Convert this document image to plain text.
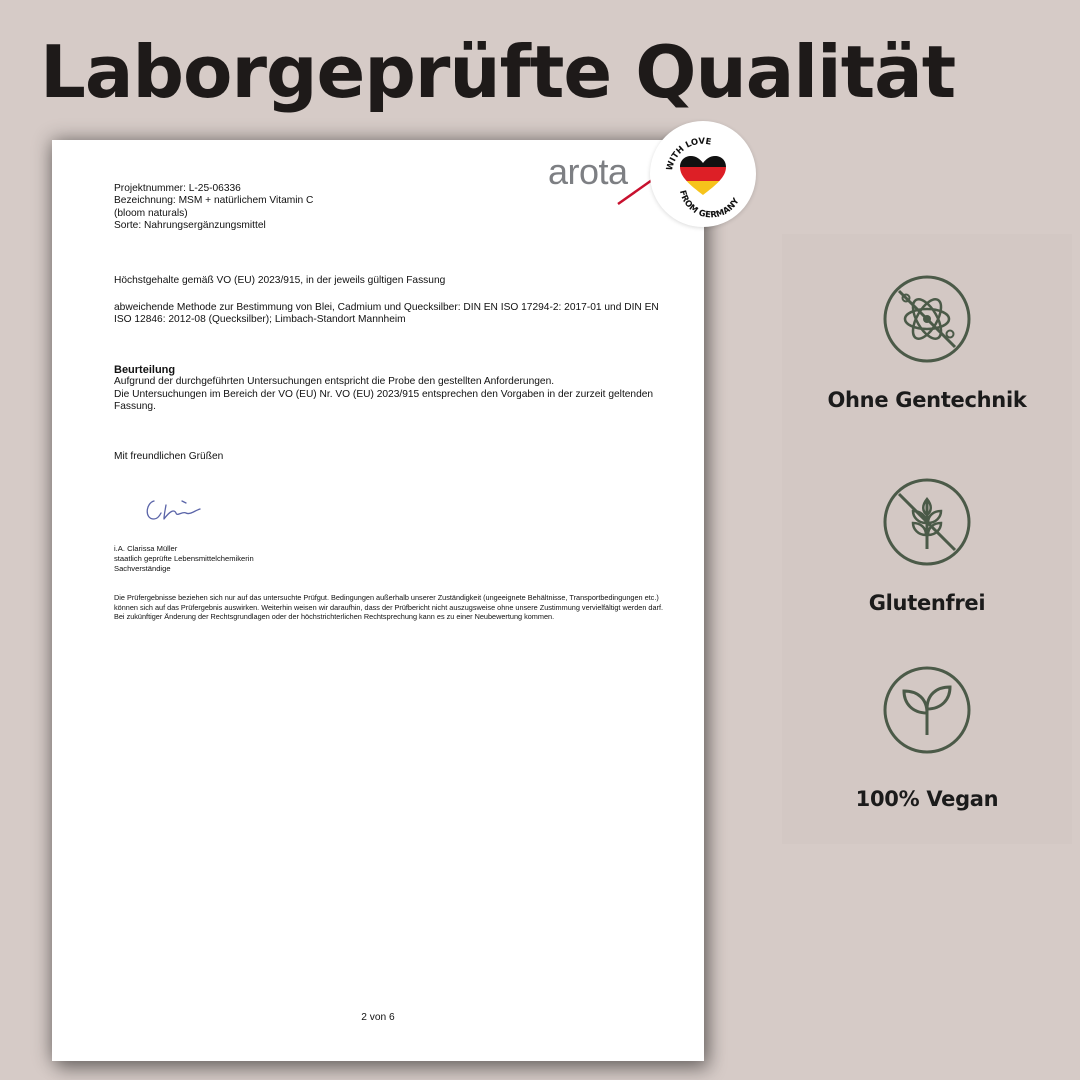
Laborgeprüfte Qualität
arota
Projektnummer: L-25-06336
Bezeichnung: MSM + natürlichem Vitamin C
(bloom naturals)
Sorte: Nahrungsergänzungsmittel
Höchstgehalte gemäß VO (EU) 2023/915, in der jeweils gültigen Fassung
abweichende Methode zur Bestimmung von Blei, Cadmium und Quecksilber: DIN EN ISO 17294-2: 2017-01 und DIN EN ISO 12846: 2012-08 (Quecksilber); Limbach-Standort Mannheim
Beurteilung
Aufgrund der durchgeführten Untersuchungen entspricht die Probe den gestellten Anforderungen.
Die Untersuchungen im Bereich der VO (EU) Nr. VO (EU) 2023/915 entsprechen den Vorgaben in der zurzeit geltenden Fassung.
Mit freundlichen Grüßen
i.A. Clarissa Müller
staatlich geprüfte Lebensmittelchemikerin
Sachverständige
Die Prüfergebnisse beziehen sich nur auf das untersuchte Prüfgut. Bedingungen außerhalb unserer Zuständigkeit (ungeeignete Behältnisse, Transportbedingungen etc.) können sich auf das Prüfergebnis auswirken. Weiterhin weisen wir daraufhin, dass der Prüfbericht nicht auszugsweise ohne unsere Zustimmung vervielfältigt werden darf. Bei zukünftiger Änderung der Rechtsgrundlagen oder der höchstrichterlichen Rechtsprechung kann es zu einer Neubewertung kommen.
2 von 6
WITH LOVE
FROM GERMANY
Ohne Gentechnik
Glutenfrei
100% Vegan
